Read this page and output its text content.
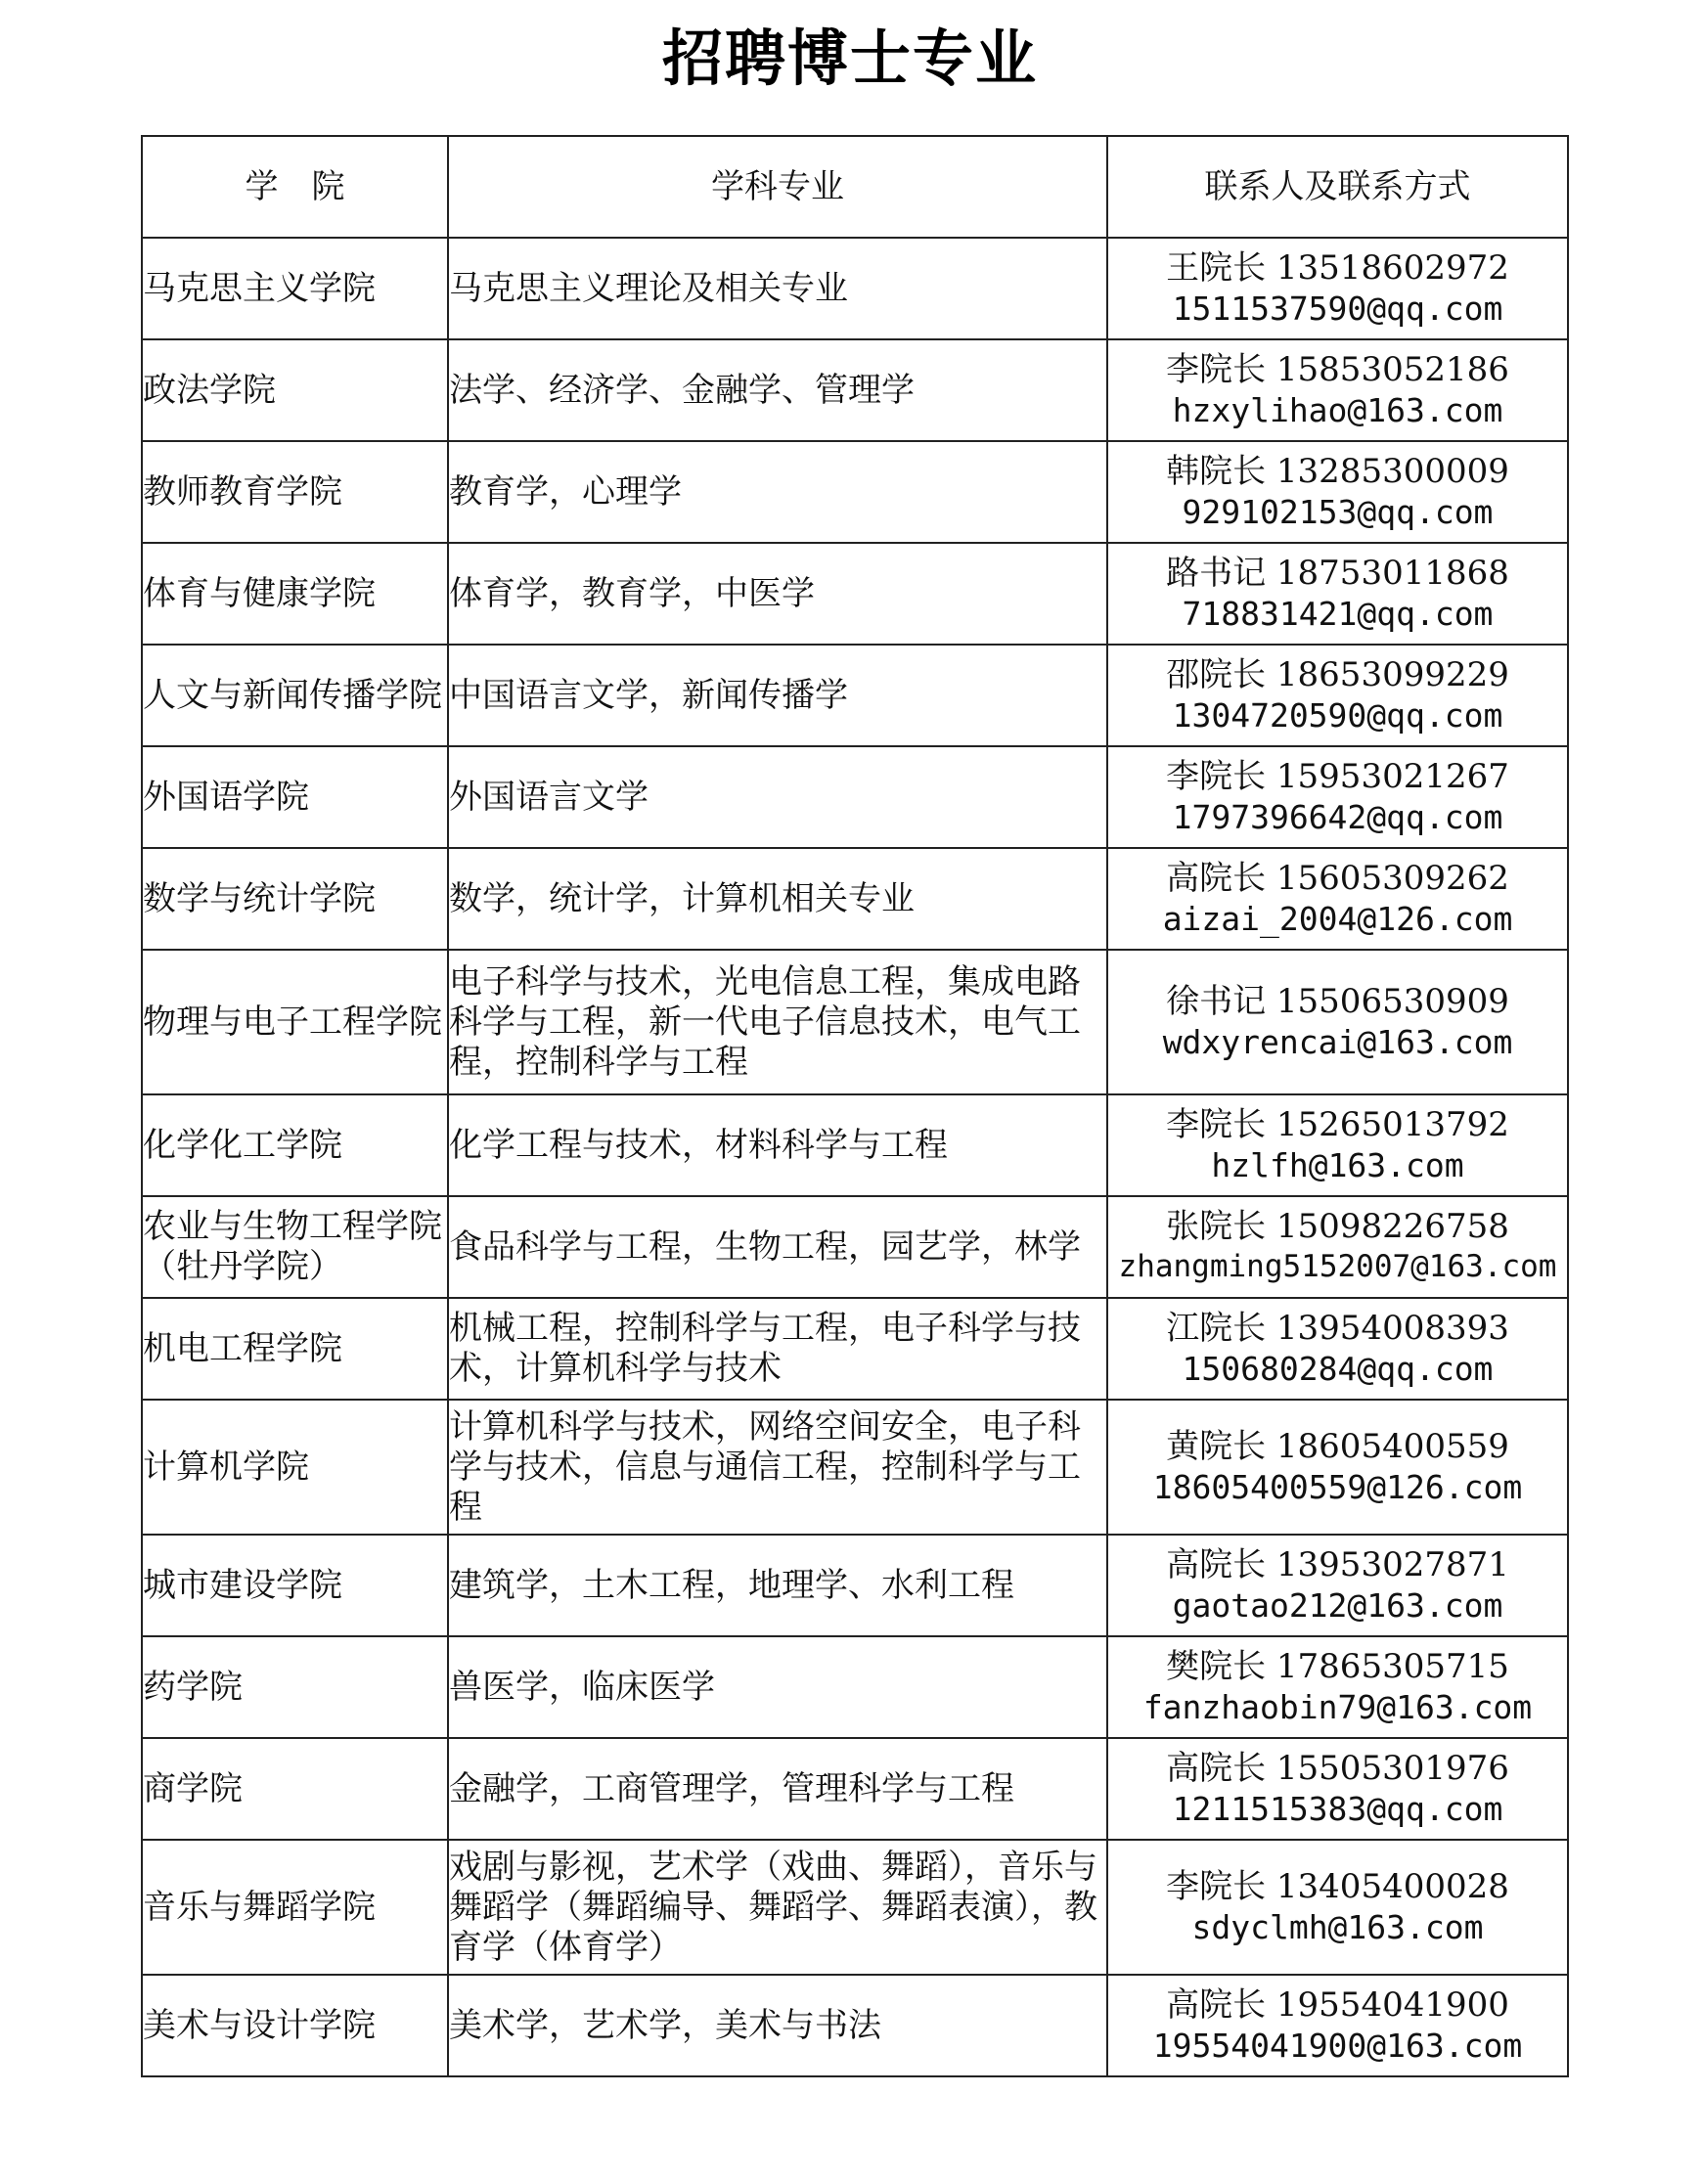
招聘博士专业
学　院	学科专业	联系人及联系方式
马克思主义学院	马克思主义理论及相关专业	王院长 13518602972
1511537590@qq.com

政法学院	法学、经济学、金融学、管理学	李院长 15853052186
hzxylihao@163.com

教师教育学院	教育学，心理学	韩院长 13285300009
929102153@qq.com

体育与健康学院	体育学，教育学，中医学	路书记 18753011868
718831421@qq.com

人文与新闻传播学院	中国语言文学，新闻传播学	邵院长 18653099229
1304720590@qq.com

外国语学院	外国语言文学	李院长 15953021267
1797396642@qq.com

数学与统计学院	数学，统计学，计算机相关专业	高院长 15605309262
aizai_2004@126.com

物理与电子工程学院	电子科学与技术，光电信息工程，集成电路科学与工程，新一代电子信息技术，电气工程，控制科学与工程	徐书记 15506530909
wdxyrencai@163.com

化学化工学院	化学工程与技术，材料科学与工程	李院长 15265013792
hzlfh@163.com

农业与生物工程学院（牡丹学院）	食品科学与工程，生物工程，园艺学，林学	张院长 15098226758
zhangming5152007@163.com

机电工程学院	机械工程，控制科学与工程，电子科学与技术，计算机科学与技术	江院长 13954008393
150680284@qq.com

计算机学院	计算机科学与技术，网络空间安全，电子科学与技术，信息与通信工程，控制科学与工程	黄院长 18605400559
18605400559@126.com

城市建设学院	建筑学，土木工程，地理学、水利工程	高院长 13953027871
gaotao212@163.com

药学院	兽医学，临床医学	樊院长 17865305715
fanzhaobin79@163.com

商学院	金融学，工商管理学，管理科学与工程	高院长 15505301976
1211515383@qq.com

音乐与舞蹈学院	戏剧与影视，艺术学（戏曲、舞蹈），音乐与舞蹈学（舞蹈编导、舞蹈学、舞蹈表演），教育学（体育学）	李院长 13405400028
sdyclmh@163.com

美术与设计学院	美术学，艺术学，美术与书法	高院长 19554041900
19554041900@163.com
